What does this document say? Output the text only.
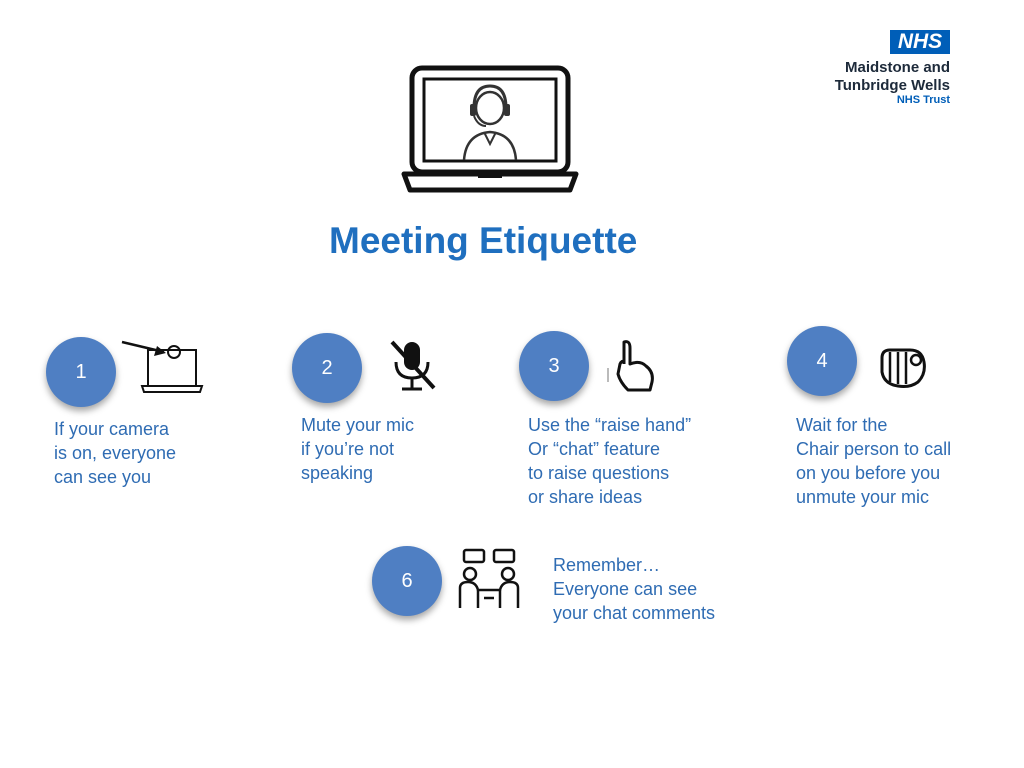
NHS
Maidstone and
Tunbridge Wells
NHS Trust
Meeting Etiquette
1
If your camera
is on, everyone
can see you
2
Mute your mic
if you’re not
speaking
3
Use the “raise hand”
Or “chat” feature
to raise questions
or share ideas
4
Wait for the
Chair person to call
on you before you
unmute your mic
6
Remember…
Everyone can see
your chat comments
